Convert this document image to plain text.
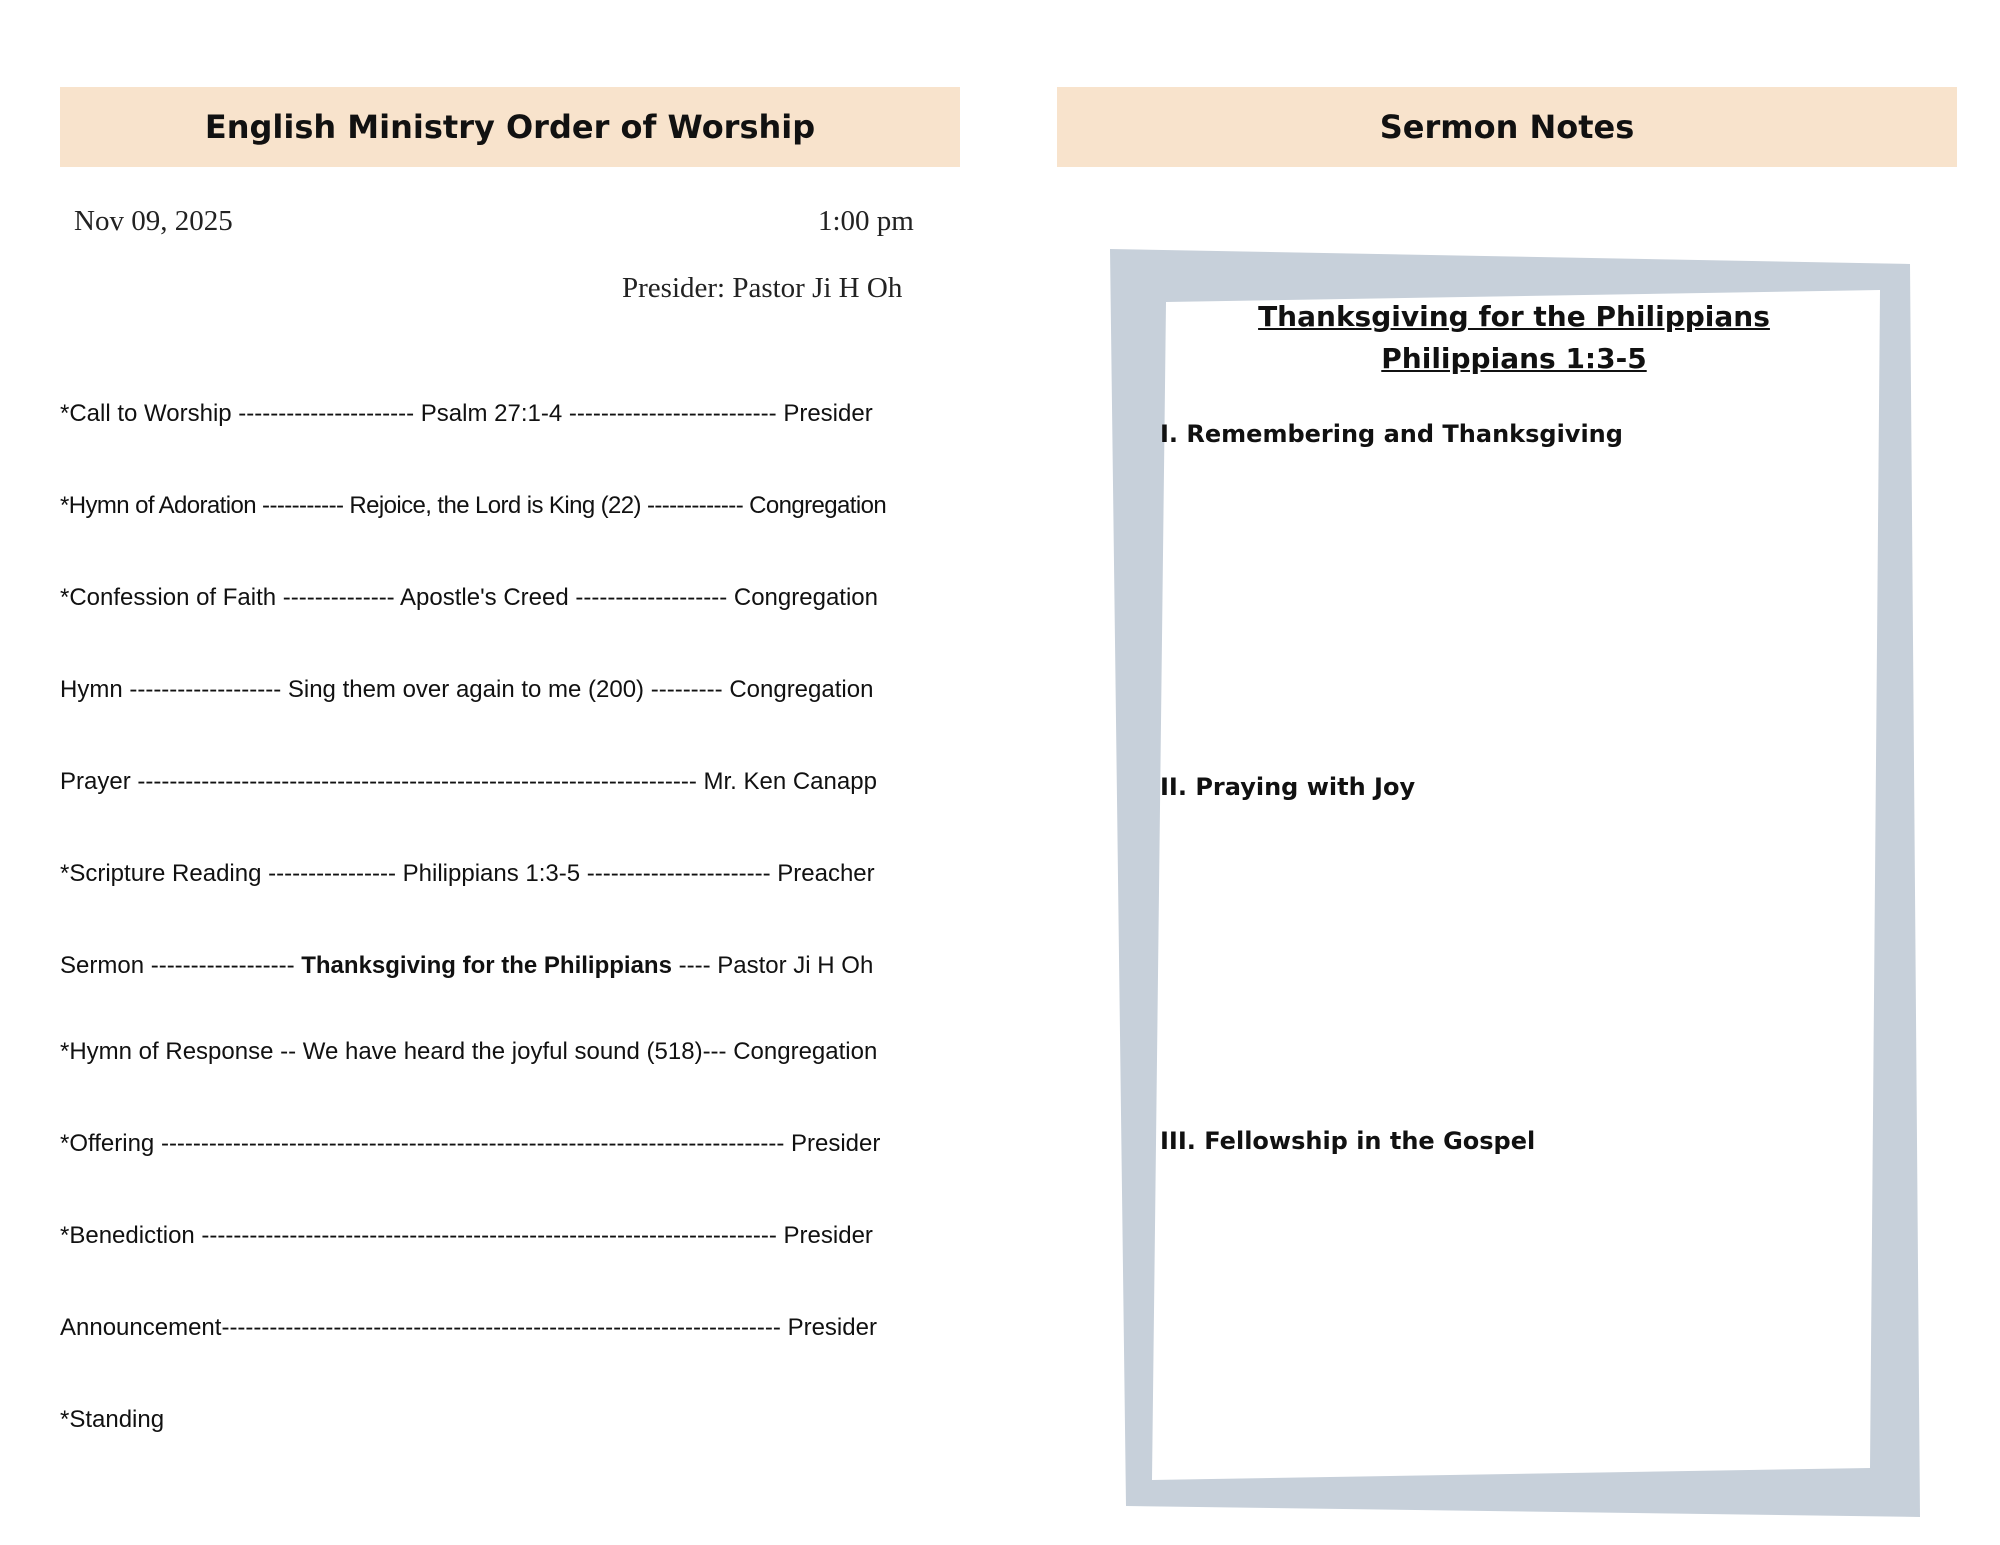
English Ministry Order of Worship	Sermon Notes
Nov 09, 2025	1:00 pm
Presider: Pastor Ji H Oh
*Call to Worship ---------------------- Psalm 27:1-4 -------------------------- Presider
*Hymn of Adoration ----------- Rejoice, the Lord is King (22) ------------- Congregation
*Confession of Faith -------------- Apostle's Creed ------------------- Congregation
Hymn ------------------- Sing them over again to me (200) --------- Congregation
Prayer ---------------------------------------------------------------------- Mr. Ken Canapp
*Scripture Reading ---------------- Philippians 1:3-5 ----------------------- Preacher
Sermon ------------------ Thanksgiving for the Philippians ---- Pastor Ji H Oh
*Hymn of Response -- We have heard the joyful sound (518)--- Congregation
*Offering ------------------------------------------------------------------------------ Presider
*Benediction ------------------------------------------------------------------------ Presider
Announcement---------------------------------------------------------------------- Presider
*Standing
Thanksgiving for the Philippians
Philippians 1:3-5
I. Remembering and Thanksgiving
II. Praying with Joy
III. Fellowship in the Gospel
